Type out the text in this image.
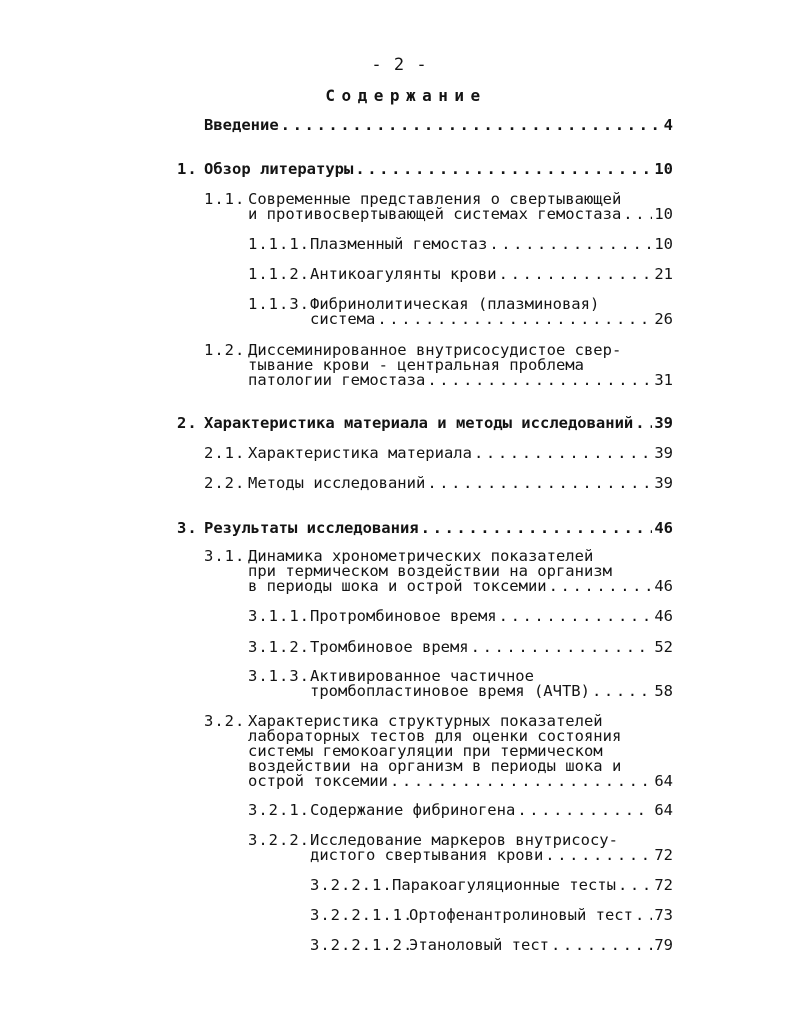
- 2 -
Содержание
Введение .....	4
1. Обзор литературы .....	10
1.1. Современные представления о свертывающей
и противосвертывающей системах гемостаза ..... 10
1.1.1. Плазменный гемостаз .....	10
1.1.2. Антикоагулянты крови .....	21
1.1.3. Фибринолитическая (плазминовая)
система .....	26
1.2. Диссеминированное внутрисосудистое свер-
тывание крови - центральная проблема
патологии гемостаза .....	31
2. Характеристика материала и методы исследований ..... 39
2.1. Характеристика материала .....	39
2.2. Методы исследований .....	39
3. Результаты исследования .....	46
3.1. Динамика хронометрических показателей
при термическом воздействии на организм
в периоды шока и острой токсемии .....	46
3.1.1. Протромбиновое время .....	46
3.1.2. Тромбиновое время .....	52
3.1.3. Активированное частичное
тромбопластиновое время (АЧТВ) .....	58
3.2. Характеристика структурных показателей
лабораторных тестов для оценки состояния
системы гемокоагуляции при термическом
воздействии на организм в периоды шока и
острой токсемии .....	64
3.2.1. Содержание фибриногена .....	64
3.2.2. Исследование маркеров внутрисосу-
дистого свертывания крови .....	72
3.2.2.1. Паракоагуляционные тесты ..... 72
3.2.2.1.1.
Ортофенантролиновый тест ..... 73
3.2.2.1.2.
Этаноловый тест .....	79
